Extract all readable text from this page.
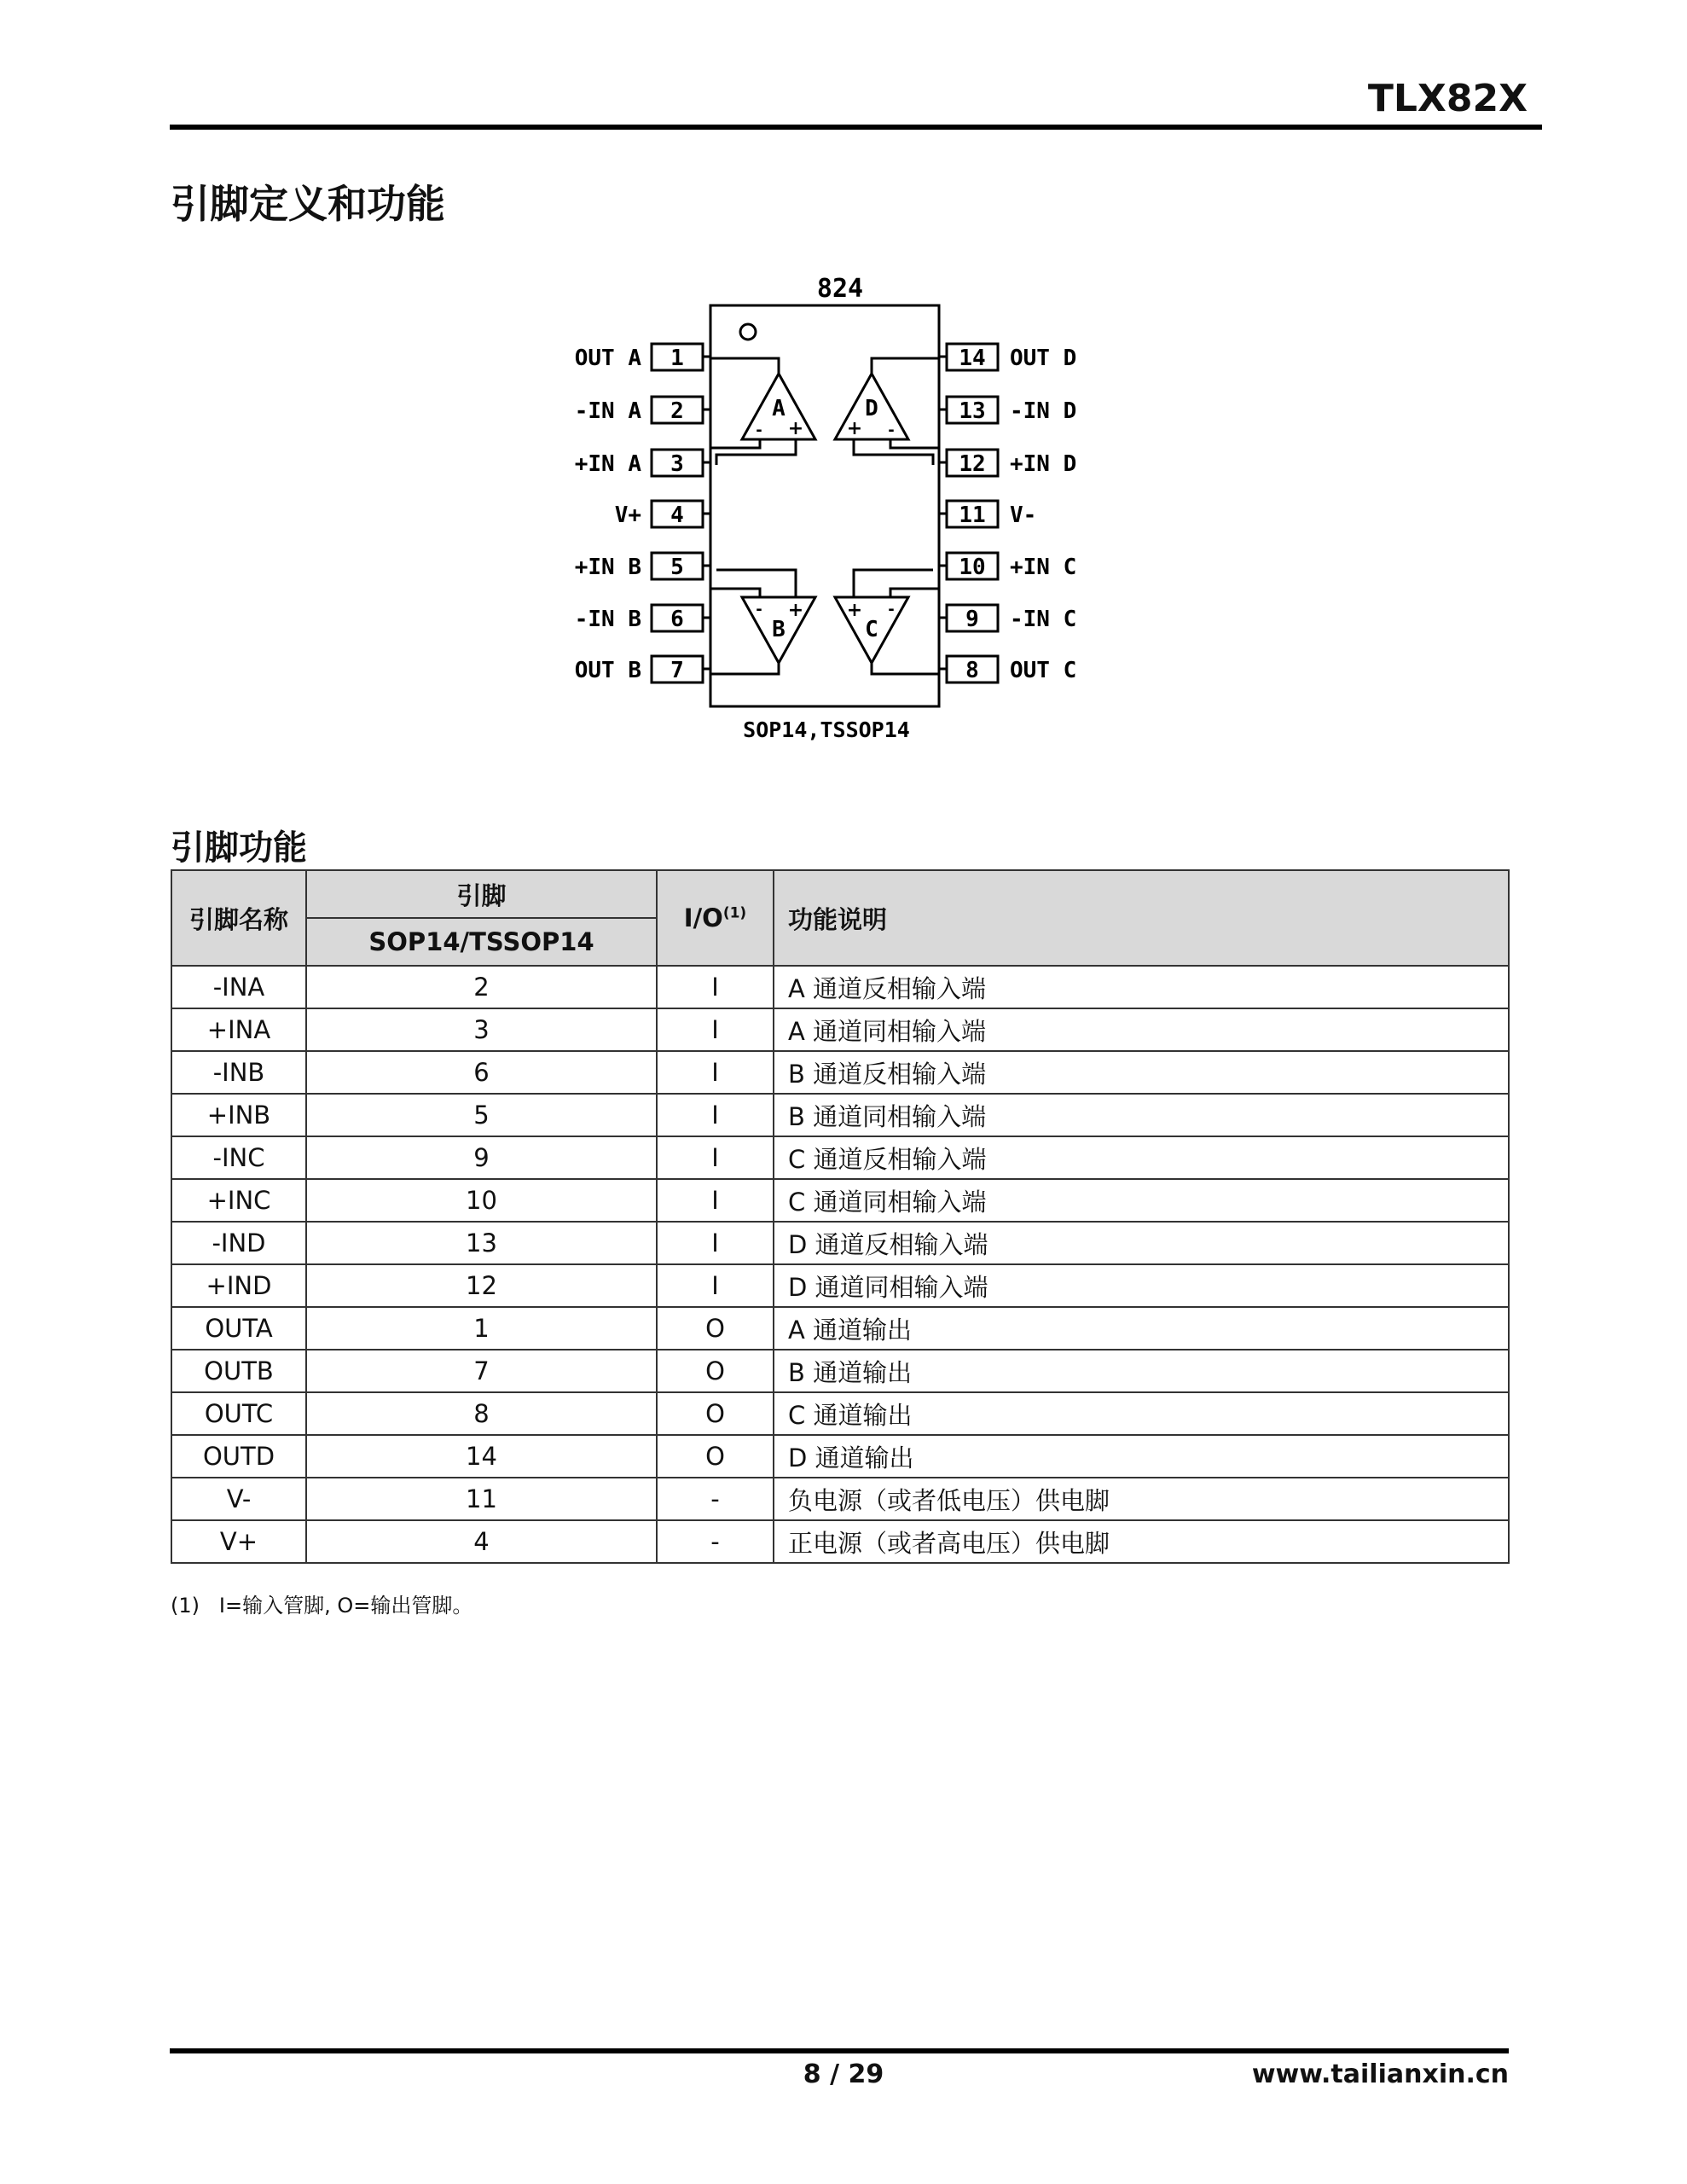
TLX82X
引脚定义和功能
824
SOP14,TSSOP14
1
OUT A
2
-IN A
3
+IN A
4
V+
5
+IN B
6
-IN B
7
OUT B
14 OUT D
13 -IN D
12 +IN D
11 V-
10 +IN C
9 -IN C
8 OUT C
A
- +
D
+ -
B
- +
C
+ -
引脚功能
引脚名称	引脚	$I/O^{(1)}$	功能说明
	SOP14/TSSOP14		
-INA	2	I	A 通道反相输入端
+INA	3	I	A 通道同相输入端
-INB	6	I	B 通道反相输入端
+INB	5	I	B 通道同相输入端
-INC	9	I	C 通道反相输入端
+INC	10	I	C 通道同相输入端
-IND	13	I	D 通道反相输入端
+IND	12	I	D 通道同相输入端
OUTA	1	O	A 通道输出
OUTB	7	O	B 通道输出
OUTC	8	O	C 通道输出
OUTD	14	O	D 通道输出
V-	11	-	负电源（或者低电压）供电脚
V+	4	-	正电源（或者高电压）供电脚
(1)   I=输入管脚, O=输出管脚。
8 / 29	www.tailianxin.cn
